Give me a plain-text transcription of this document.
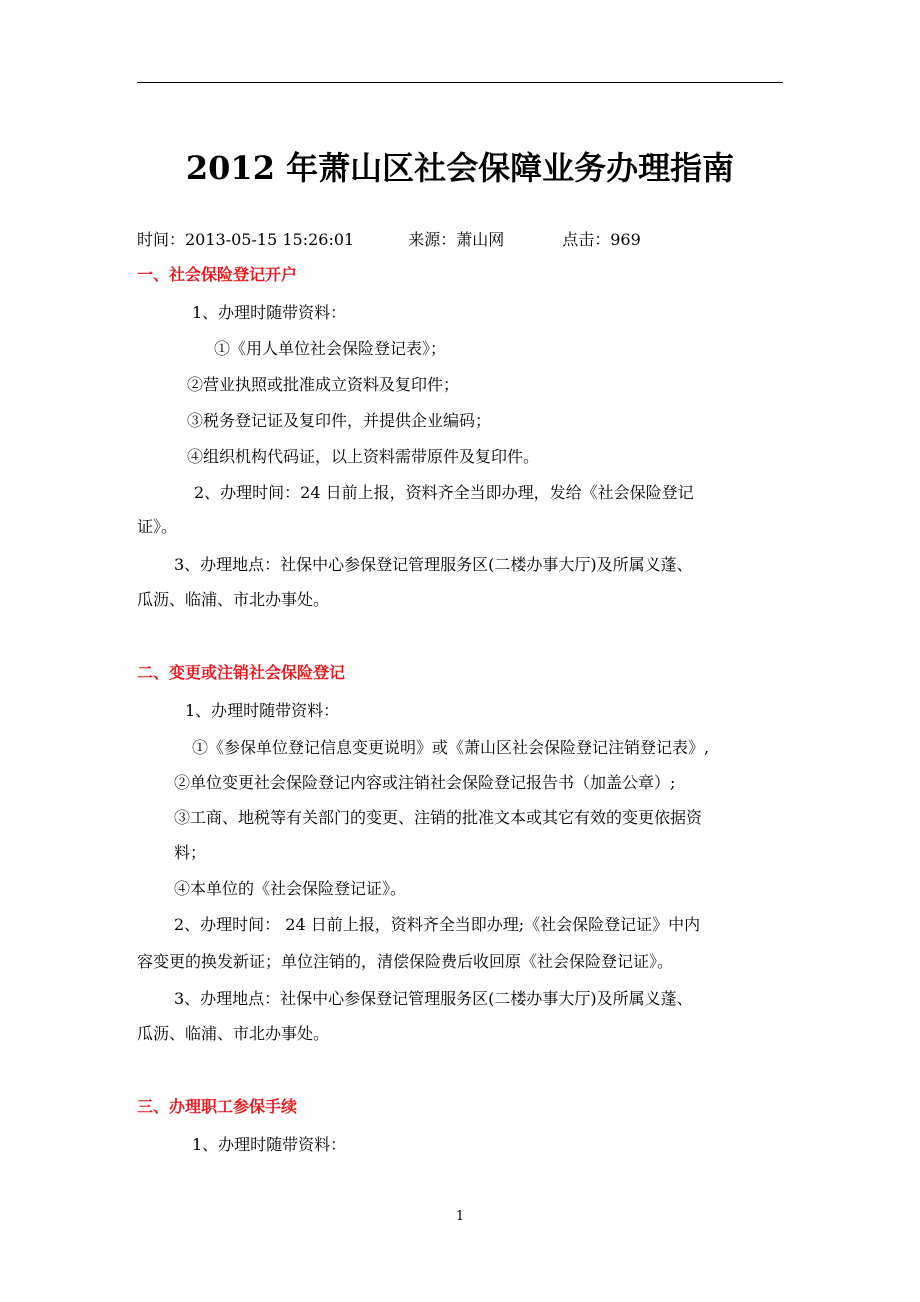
2012 年萧山区社会保障业务办理指南
时间：2013-05-15 15:26:01	来源：萧山网	点击：969
一、社会保险登记开户
1、办理时随带资料：
①《用人单位社会保险登记表》；
②营业执照或批准成立资料及复印件；
③税务登记证及复印件，并提供企业编码；
④组织机构代码证，以上资料需带原件及复印件。
2、办理时间：24 日前上报，资料齐全当即办理，发给《社会保险登记
证》。
3、办理地点：社保中心参保登记管理服务区(二楼办事大厅)及所属义蓬、
瓜沥、临浦、市北办事处。
二、变更或注销社会保险登记
1、办理时随带资料：
①《参保单位登记信息变更说明》或《萧山区社会保险登记注销登记表》,
②单位变更社会保险登记内容或注销社会保险登记报告书（加盖公章）;
③工商、地税等有关部门的变更、注销的批准文本或其它有效的变更依据资
料；
④本单位的《社会保险登记证》。
2、办理时间： 24 日前上报，资料齐全当即办理;《社会保险登记证》中内
容变更的换发新证；单位注销的，清偿保险费后收回原《社会保险登记证》。
3、办理地点：社保中心参保登记管理服务区(二楼办事大厅)及所属义蓬、
瓜沥、临浦、市北办事处。
三、办理职工参保手续
1、办理时随带资料：
1
